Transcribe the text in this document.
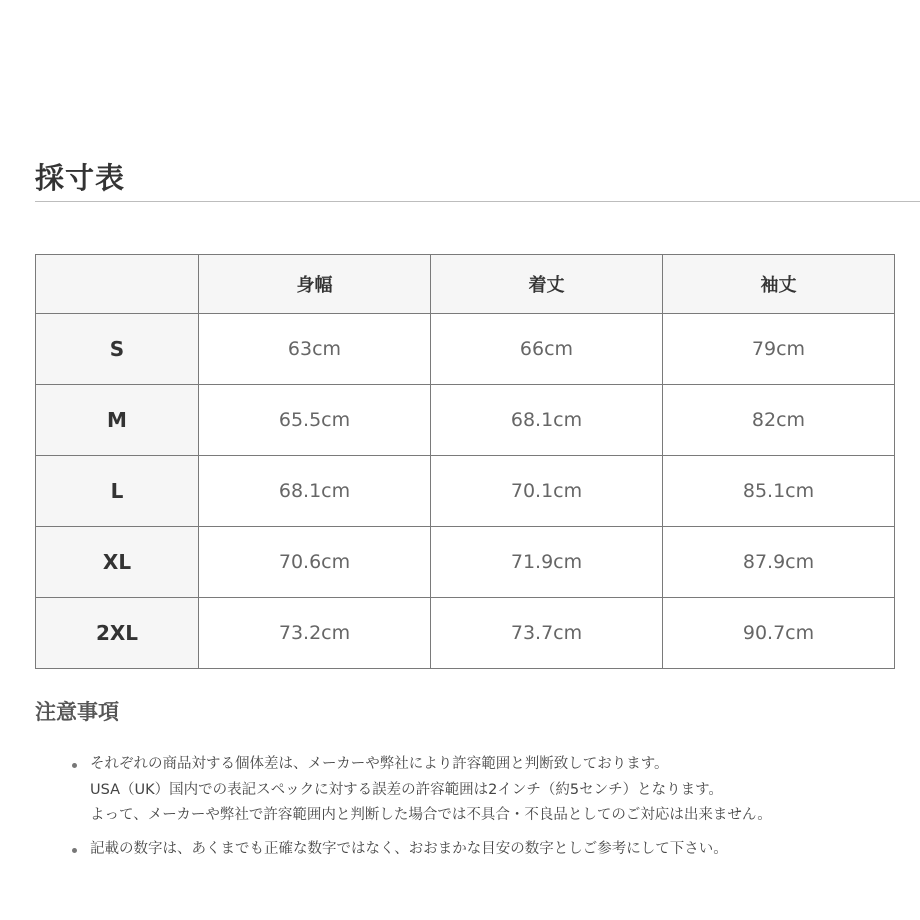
採寸表
	身幅	着丈	袖丈
S	63cm	66cm	79cm
M	65.5cm	68.1cm	82cm
L	68.1cm	70.1cm	85.1cm
XL	70.6cm	71.9cm	87.9cm
2XL	73.2cm	73.7cm	90.7cm
注意事項
それぞれの商品対する個体差は、メーカーや弊社により許容範囲と判断致しております。
USA（UK）国内での表記スペックに対する誤差の許容範囲は2インチ（約5センチ）となります。
よって、メーカーや弊社で許容範囲内と判断した場合では不具合・不良品としてのご対応は出来ません。
記載の数字は、あくまでも正確な数字ではなく、おおまかな目安の数字としご参考にして下さい。
